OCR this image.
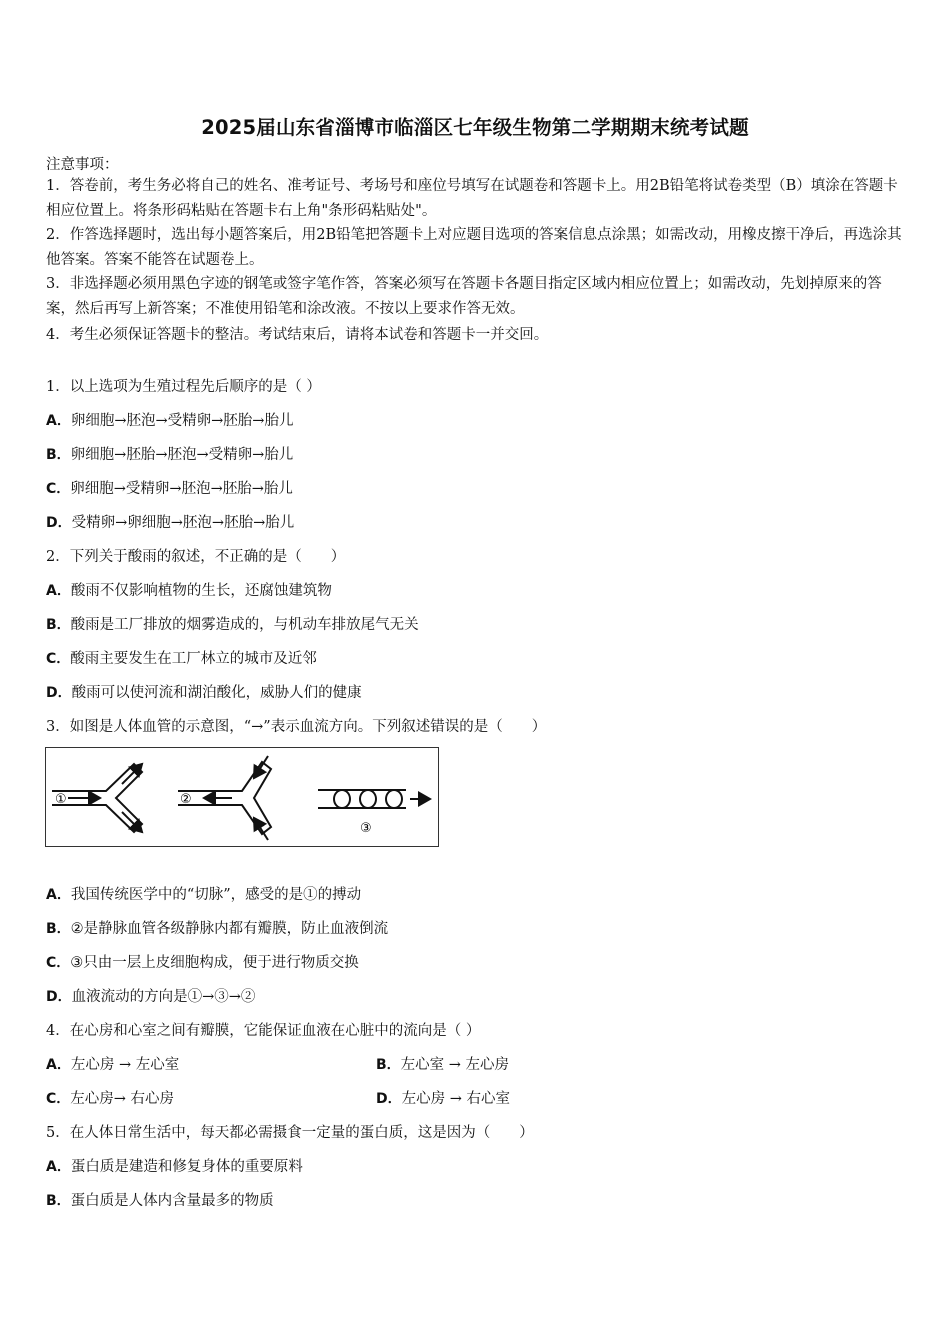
2025届山东省淄博市临淄区七年级生物第二学期期末统考试题
注意事项：

1．答卷前，考生务必将自己的姓名、准考证号、考场号和座位号填写在试题卷和答题卡上。用2B铅笔将试卷类型（B）填涂在答题卡相应位置上。将条形码粘贴在答题卡右上角"条形码粘贴处"。

2．作答选择题时，选出每小题答案后，用2B铅笔把答题卡上对应题目选项的答案信息点涂黑；如需改动，用橡皮擦干净后，再选涂其他答案。答案不能答在试题卷上。

3．非选择题必须用黑色字迹的钢笔或签字笔作答，答案必须写在答题卡各题目指定区域内相应位置上；如需改动，先划掉原来的答案，然后再写上新答案；不准使用铅笔和涂改液。不按以上要求作答无效。

4．考生必须保证答题卡的整洁。考试结束后，请将本试卷和答题卡一并交回。

1．以上选项为生殖过程先后顺序的是（ ）
A．卵细胞→胚泡→受精卵→胚胎→胎儿
B．卵细胞→胚胎→胚泡→受精卵→胎儿
C．卵细胞→受精卵→胚泡→胚胎→胎儿
D．受精卵→卵细胞→胚泡→胚胎→胎儿
2．下列关于酸雨的叙述，不正确的是（　　）
A．酸雨不仅影响植物的生长，还腐蚀建筑物
B．酸雨是工厂排放的烟雾造成的，与机动车排放尾气无关
C．酸雨主要发生在工厂林立的城市及近邻
D．酸雨可以使河流和湖泊酸化，威胁人们的健康
3．如图是人体血管的示意图，“→”表示血流方向。下列叙述错误的是（　　）
①	②
③
A．我国传统医学中的“切脉”，感受的是①的搏动
B．②是静脉血管各级静脉内都有瓣膜，防止血液倒流
C．③只由一层上皮细胞构成，便于进行物质交换
D．血液流动的方向是①→③→②
4．在心房和心室之间有瓣膜，它能保证血液在心脏中的流向是（ ）
A．左心房 → 左心室	B．左心室 → 左心房
C．左心房→ 右心房	D．左心房 → 右心室
5．在人体日常生活中，每天都必需摄食一定量的蛋白质，这是因为（　　）
A．蛋白质是建造和修复身体的重要原料
B．蛋白质是人体内含量最多的物质
